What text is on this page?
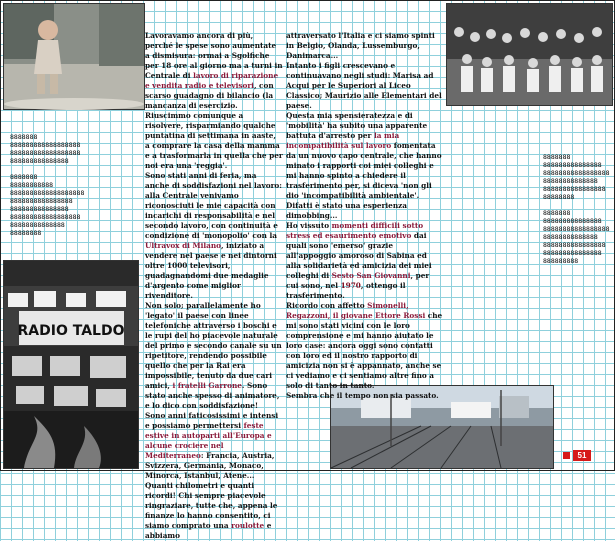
RADIO TALDO

Lavoravamo ancora di più, perché le spese sono aumentate a dismisura: ormai a Sgolfiche per 18 ore al giorno ma a turni in Centrale di lavoro di riparazione e vendita radio e televisori, con scarso guadagno di bilancio (la mancanza di esercizio.

Riuscimmo comunque a risolvere, risparmiando qualche puntatina di settimana in aaste, a comprare la casa della mamma e a trasformarla in quella che per noi era una 'reggia'.

Sono stati anni di feria, ma anche di soddisfazioni nel lavoro: alla Centrale venivamo riconosciuti le mie capacità con incarichi di responsabilità e nel secondo lavoro, con continuità e condizione di 'monopolio' con la Ultravox di Milano, iniziato a vendere nel paese e nei dintorni oltre 1000 televisori, guadagnandomi due medaglie d'argento come miglior rivenditore.

Non solo; parallelamente ho 'legato' il paese con linee telefoniche attraverso i boschi e le rupi del ho piacevole naturale del primo e secondo canale su un ripetitore, rendendo possibile quello che per la Rai era impossibile, tenuto da due cari amici, i fratelli Garrone. Sono stato anche spesso di animatore, e lo dico con soddisfazione!

Sono anni faticosissimi e intensi e possiamo permettersi feste estive in autoparti all'Europa e alcune crociere nel Mediterraneo: Francia, Austria, Svizzera, Germania, Monaco, Minorca, Istanbul, Atene...

Quanti chilometri e quanti ricordi! Chi sempre piacevole ringraziare, tutte che, appena le finanze lo hanno consentito, ci siamo comprato una roulotte e abbiamo

attraversato l'Italia e ci siamo spinti in Belgio, Olanda, Lussemburgo, Danimarca...

Intanto i figli crescevano e continuavano negli studi: Marisa ad Acqui per le Superiori al Liceo Classico; Maurizio alle Elementari del paese.

Questa mia spensieratezza e di 'mobilità' ha subito una apparente battuta d'arresto per la mia incompatibilità sul lavoro fomentata da un nuovo capo centrale, che hanno minato i rapporti coi miei colleghi e mi hanno spinto a chiedere il trasferimento per, si diceva 'non gli dio 'incompatibilità ambientale'.

Difatti è stato una esperienza dimobbing...

Ho vissuto momenti difficili sotto stress ed esaurimento emotivo dai quali sono 'emerso' grazie all'appoggio amoroso di Sabina ed alla solidarietà ed amicizia dei miei colleghi di Sesto San Giovanni, per cui sono, nel 1970, ottengo il trasferimento.

Ricordo con affetto Simonelli, Regazzoni, il giovane Ettore Rossi che mi sono stati vicini con le loro comprensione e mi hanno aiutato le loro case: ancora oggi sono contatti con loro ed il nostro rapporto di amicizia non si è appannato, anche se ci vediamo e ci sentiamo altre fino a solo di tanto in tanto.

Sembra che il tempo non sia passato.

8888888
888888888888888888
888888888888888888
888888888888888

8888888
88888888888
8888888888888888888
8888888888888888
888888888888888
888888888888888888
88888888888888
88888888
8888888
888888888888888
88888888888888888
88888888888888
8888888888888888
88888888

8888888
888888888888888
88888888888888888
88888888888888
8888888888888888
888888888888888
888888888
51
